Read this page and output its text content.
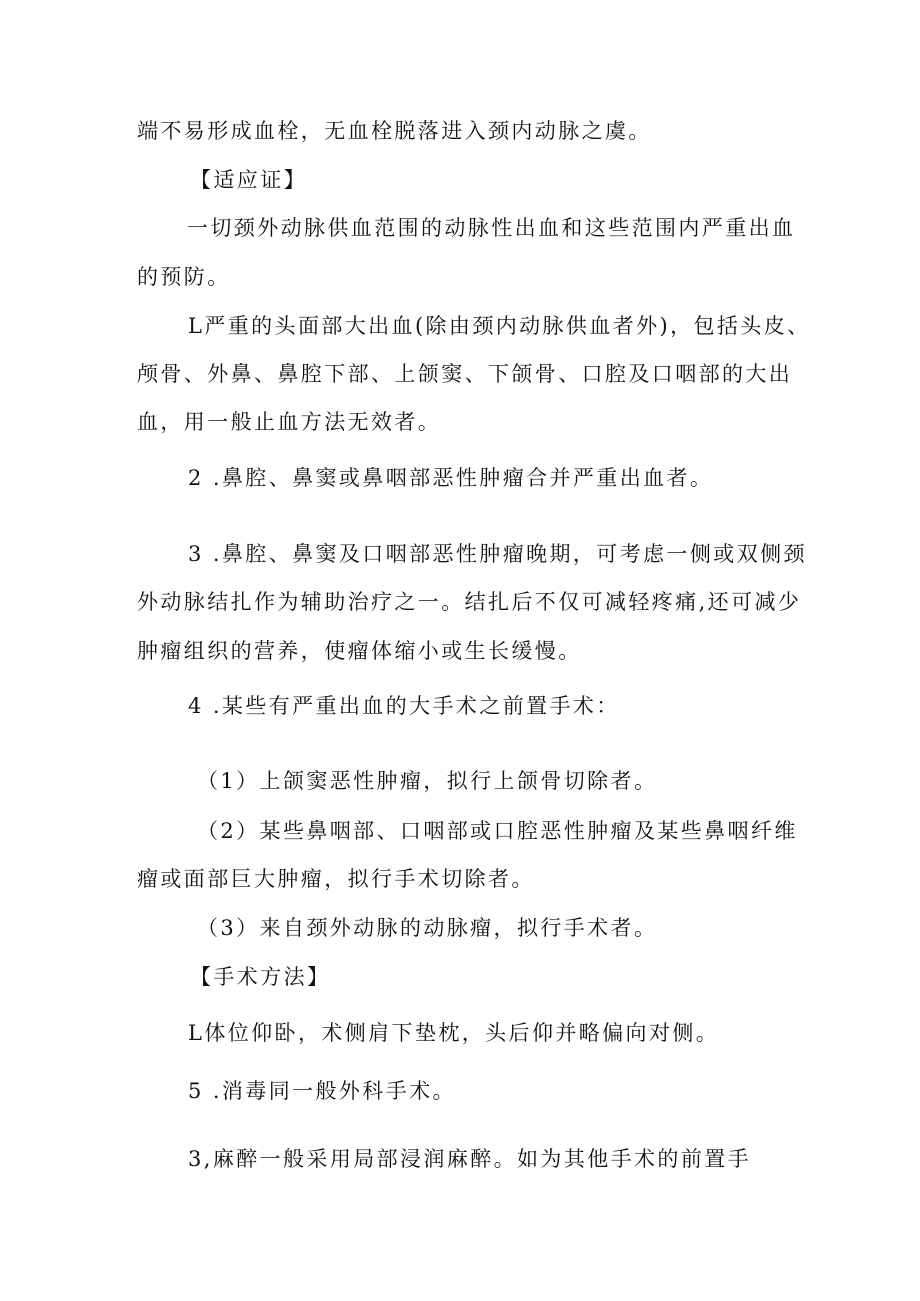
端不易形成血栓，无血栓脱落进入颈内动脉之虞。
【适应证】
一切颈外动脉供血范围的动脉性出血和这些范围内严重出血
的预防。
L严重的头面部大出血(除由颈内动脉供血者外)，包括头皮、
颅骨、外鼻、鼻腔下部、上颌窦、下颌骨、口腔及口咽部的大出
血，用一般止血方法无效者。
2 .鼻腔、鼻窦或鼻咽部恶性肿瘤合并严重出血者。
3 .鼻腔、鼻窦及口咽部恶性肿瘤晚期，可考虑一侧或双侧颈
外动脉结扎作为辅助治疗之一。结扎后不仅可减轻疼痛,还可减少
肿瘤组织的营养，使瘤体缩小或生长缓慢。
4 .某些有严重出血的大手术之前置手术：
（1）上颌窦恶性肿瘤，拟行上颌骨切除者。
（2）某些鼻咽部、口咽部或口腔恶性肿瘤及某些鼻咽纤维
瘤或面部巨大肿瘤，拟行手术切除者。
（3）来自颈外动脉的动脉瘤，拟行手术者。
【手术方法】
L体位仰卧，术侧肩下垫枕，头后仰并略偏向对侧。
5 .消毒同一般外科手术。
3,麻醉一般采用局部浸润麻醉。如为其他手术的前置手
